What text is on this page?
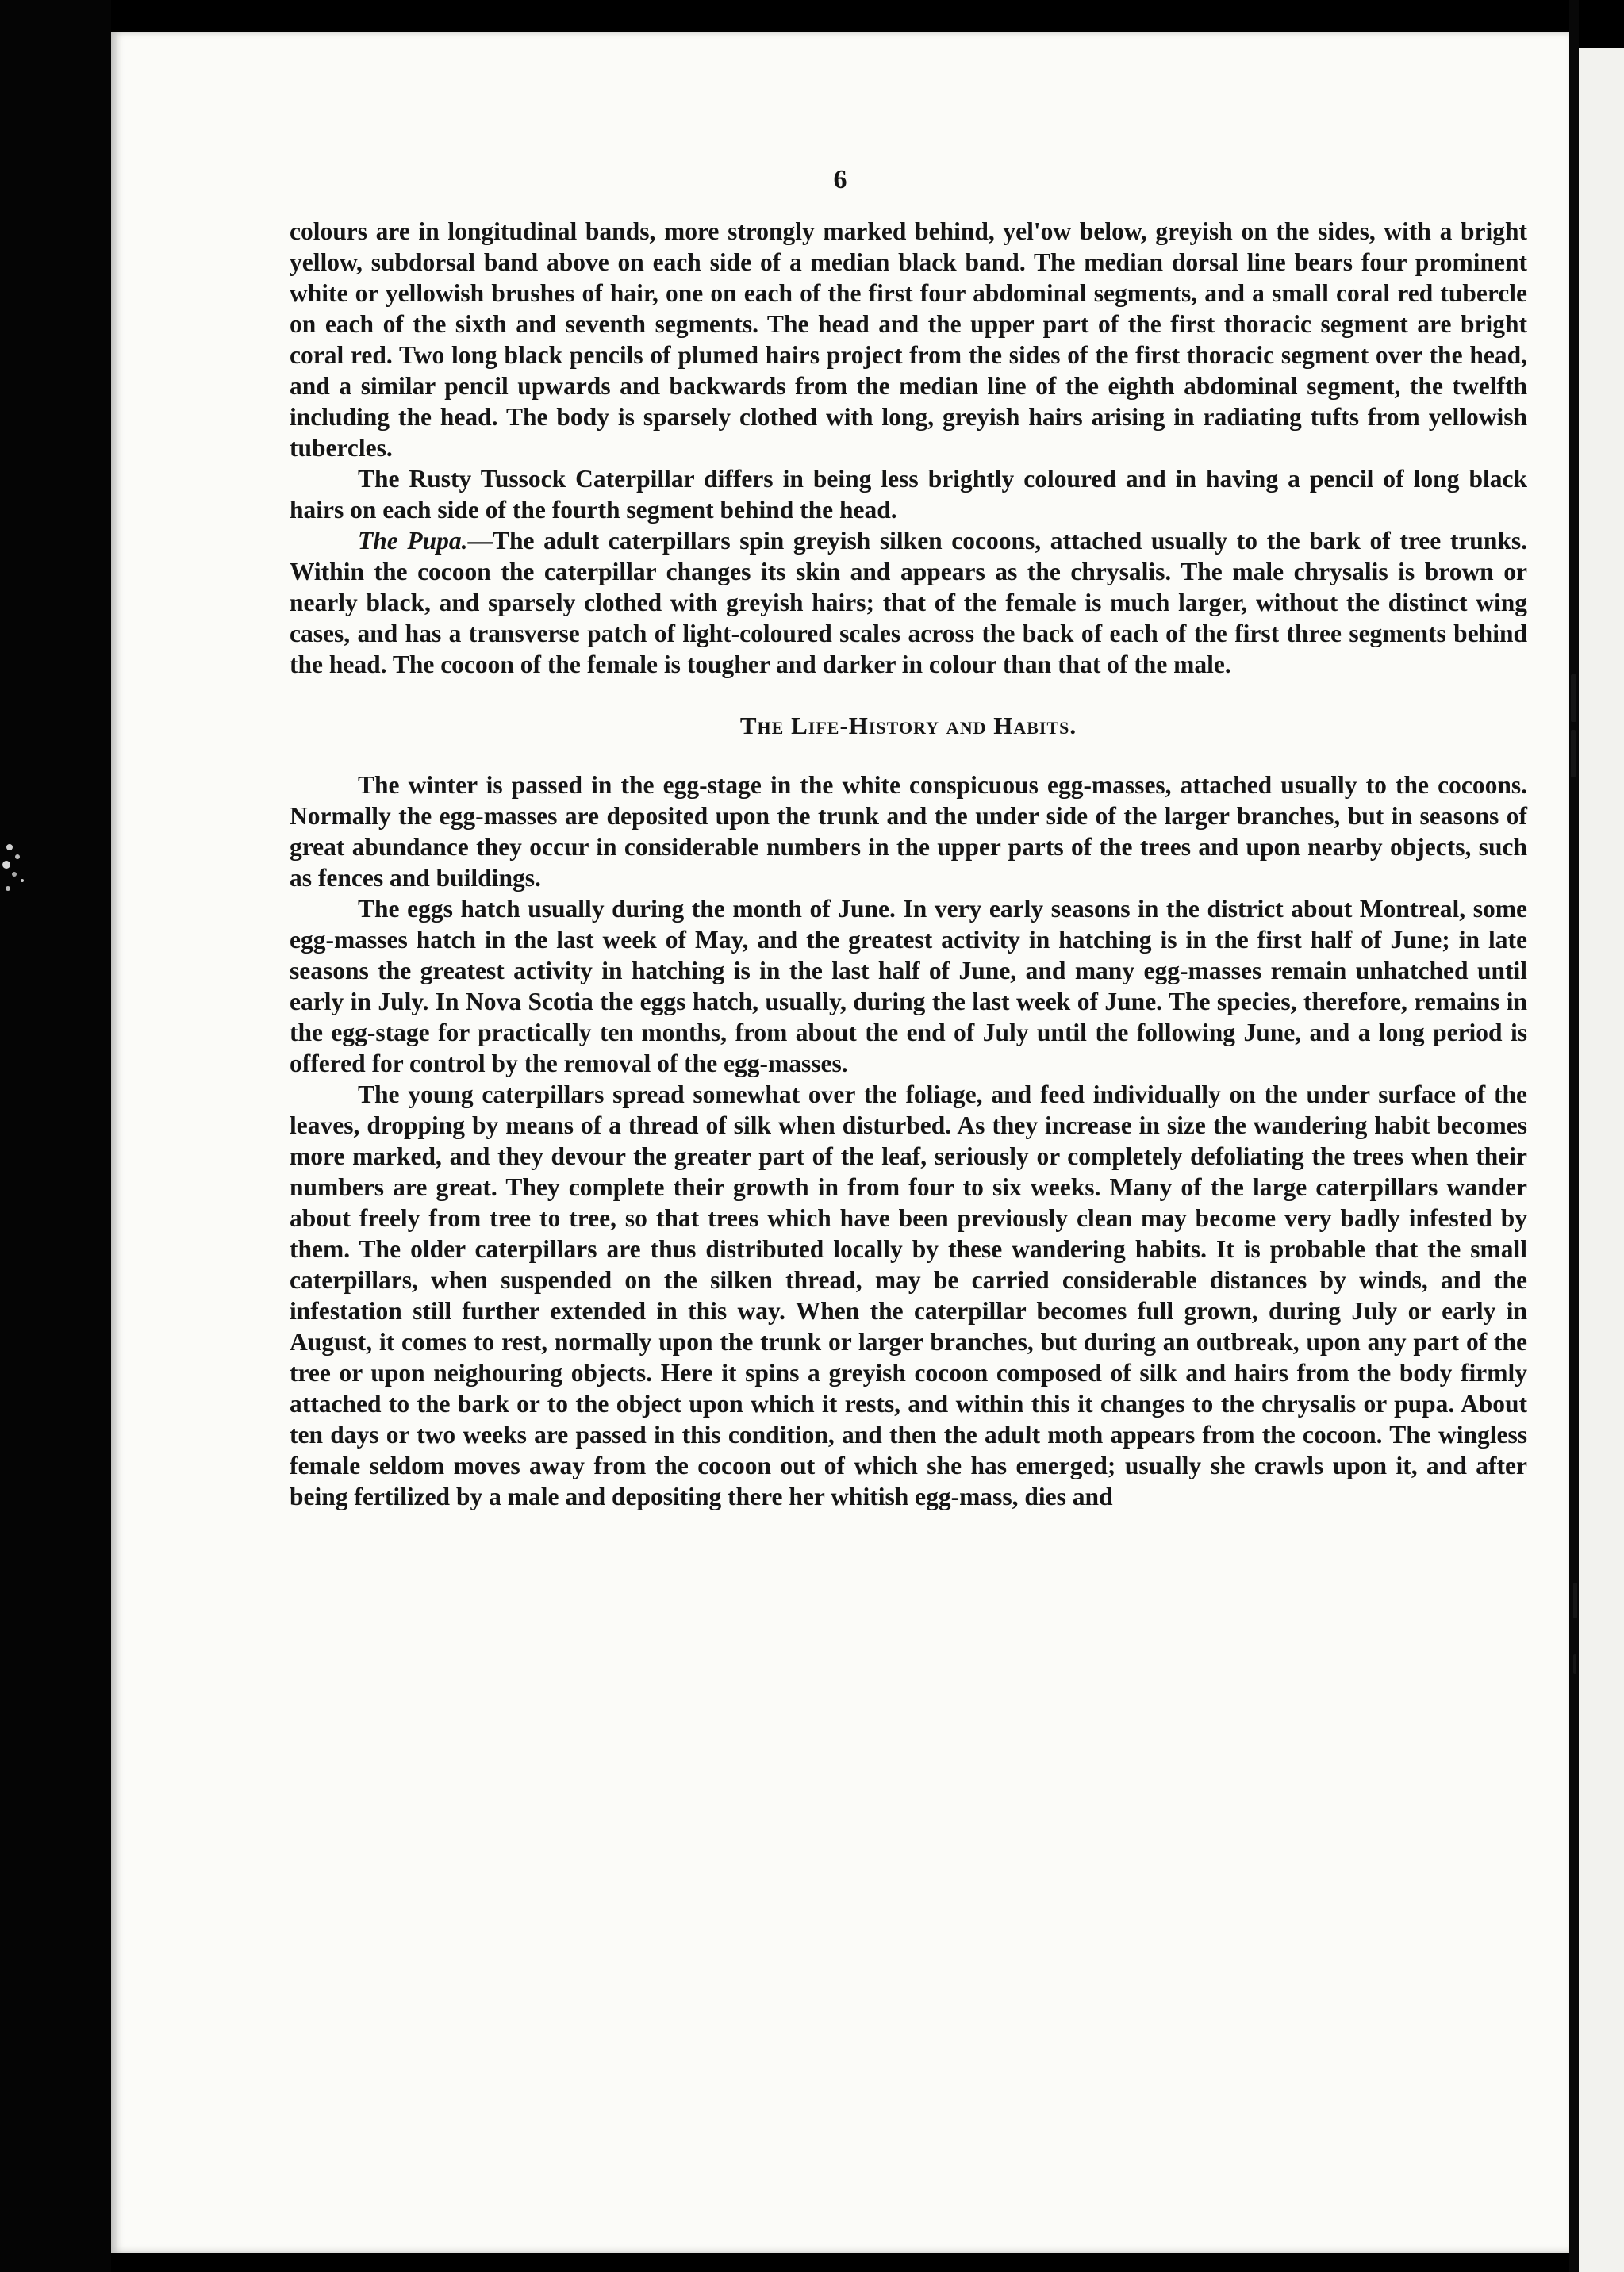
6

colours are in longitudinal bands, more strongly marked behind, yel'ow below, greyish on the sides, with a bright yellow, subdorsal band above on each side of a median black band. The median dorsal line bears four prominent white or yellowish brushes of hair, one on each of the first four abdominal segments, and a small coral red tubercle on each of the sixth and seventh segments. The head and the upper part of the first thoracic segment are bright coral red. Two long black pencils of plumed hairs project from the sides of the first thoracic segment over the head, and a similar pencil upwards and backwards from the median line of the eighth abdominal segment, the twelfth including the head. The body is sparsely clothed with long, greyish hairs arising in radiating tufts from yellowish tubercles.

The Rusty Tussock Caterpillar differs in being less brightly coloured and in having a pencil of long black hairs on each side of the fourth segment behind the head.

The Pupa.—The adult caterpillars spin greyish silken cocoons, attached usually to the bark of tree trunks. Within the cocoon the caterpillar changes its skin and appears as the chrysalis. The male chrysalis is brown or nearly black, and sparsely clothed with greyish hairs; that of the female is much larger, without the distinct wing cases, and has a transverse patch of light-coloured scales across the back of each of the first three segments behind the head. The cocoon of the female is tougher and darker in colour than that of the male.

The Life-History and Habits.

The winter is passed in the egg-stage in the white conspicuous egg-masses, attached usually to the cocoons. Normally the egg-masses are deposited upon the trunk and the under side of the larger branches, but in seasons of great abundance they occur in considerable numbers in the upper parts of the trees and upon nearby objects, such as fences and buildings.

The eggs hatch usually during the month of June. In very early seasons in the district about Montreal, some egg-masses hatch in the last week of May, and the greatest activity in hatching is in the first half of June; in late seasons the greatest activity in hatching is in the last half of June, and many egg-masses remain unhatched until early in July. In Nova Scotia the eggs hatch, usually, during the last week of June. The species, therefore, remains in the egg-stage for practically ten months, from about the end of July until the following June, and a long period is offered for control by the removal of the egg-masses.

The young caterpillars spread somewhat over the foliage, and feed individually on the under surface of the leaves, dropping by means of a thread of silk when disturbed. As they increase in size the wandering habit becomes more marked, and they devour the greater part of the leaf, seriously or completely defoliating the trees when their numbers are great. They complete their growth in from four to six weeks. Many of the large caterpillars wander about freely from tree to tree, so that trees which have been previously clean may become very badly infested by them. The older caterpillars are thus distributed locally by these wandering habits. It is probable that the small caterpillars, when suspended on the silken thread, may be carried considerable distances by winds, and the infestation still further extended in this way. When the caterpillar becomes full grown, during July or early in August, it comes to rest, normally upon the trunk or larger branches, but during an outbreak, upon any part of the tree or upon neighouring objects. Here it spins a greyish cocoon composed of silk and hairs from the body firmly attached to the bark or to the object upon which it rests, and within this it changes to the chrysalis or pupa. About ten days or two weeks are passed in this condition, and then the adult moth appears from the cocoon. The wingless female seldom moves away from the cocoon out of which she has emerged; usually she crawls upon it, and after being fertilized by a male and depositing there her whitish egg-mass, dies and
